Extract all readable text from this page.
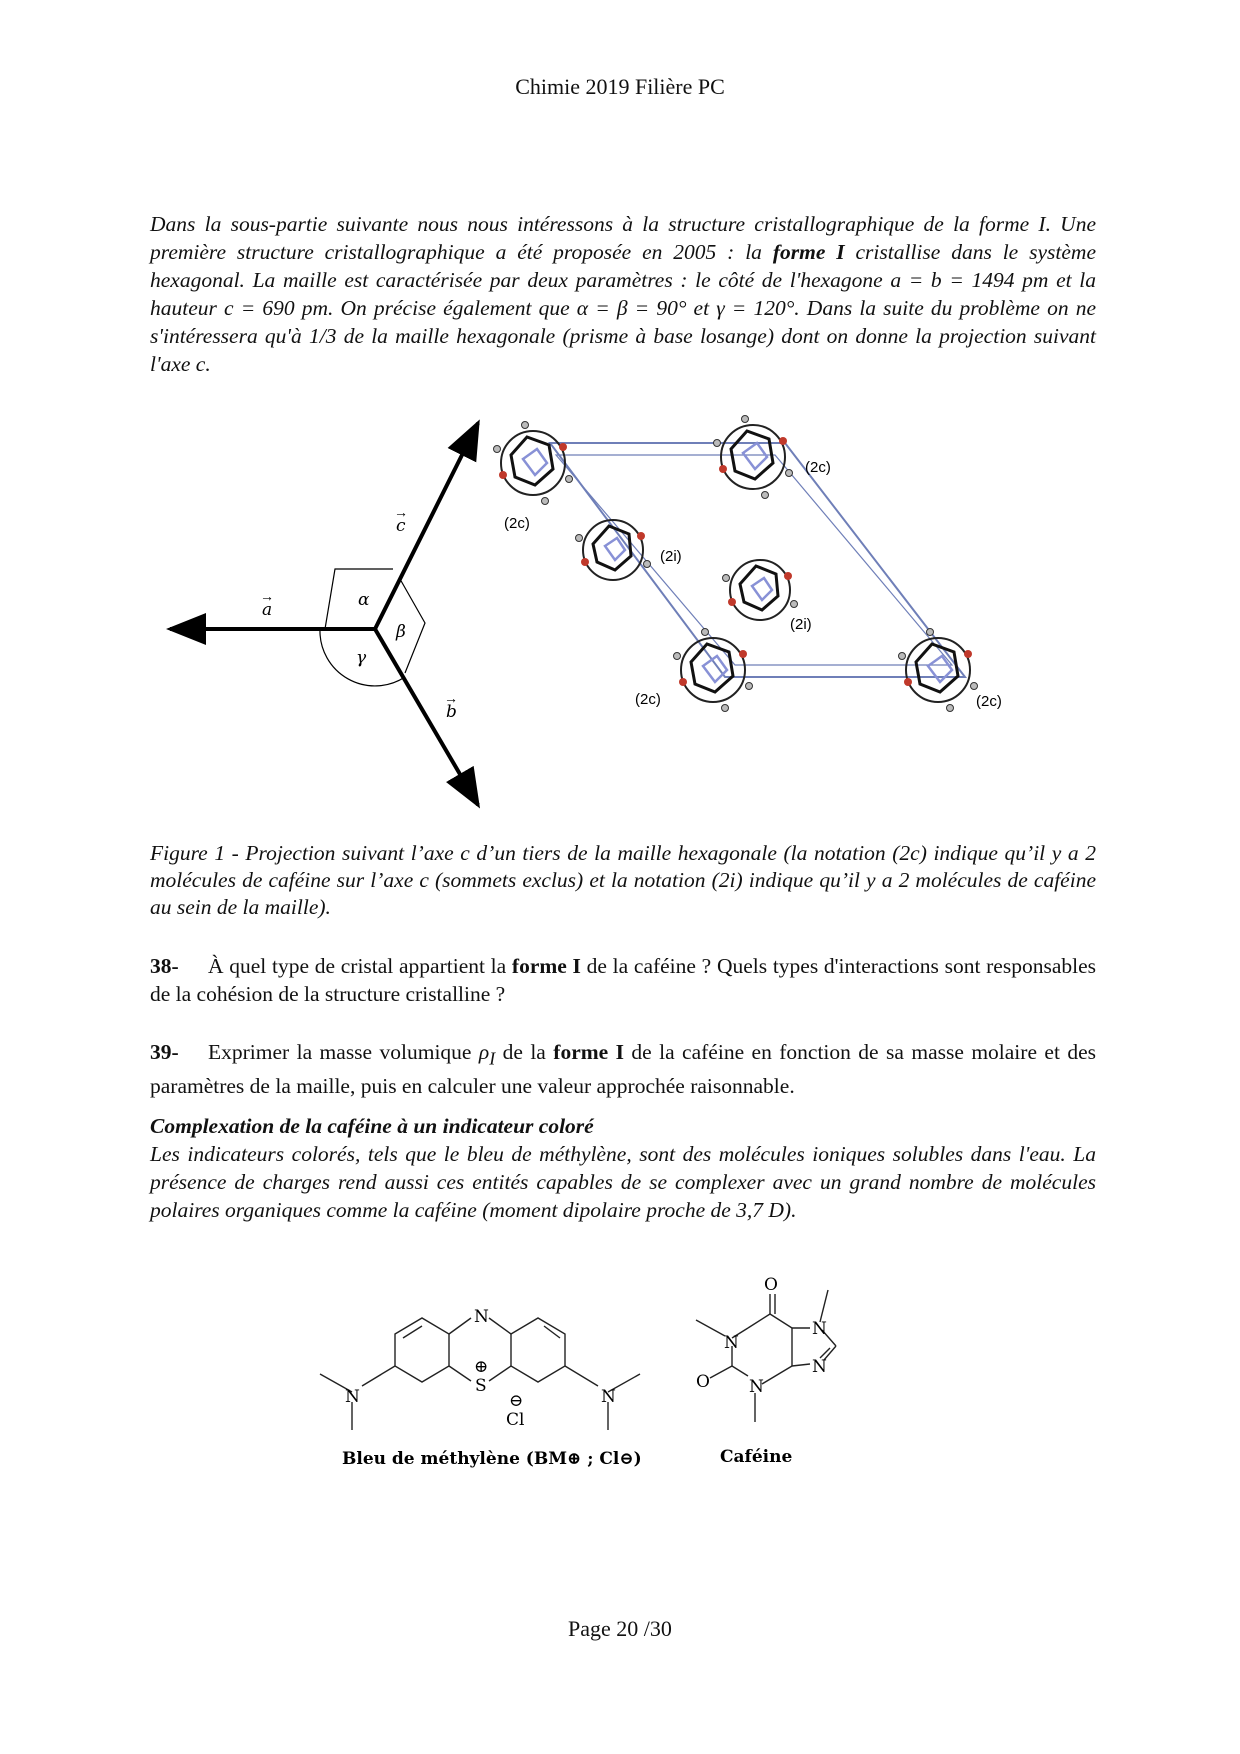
Chimie 2019 Filière PC
Dans la sous-partie suivante nous nous intéressons à la structure cristallographique de la forme I. Une première structure cristallographique a été proposée en 2005 : la forme I cristallise dans le système hexagonal. La maille est caractérisée par deux paramètres : le côté de l'hexagone a = b = 1494 pm et la hauteur c = 690 pm. On précise également que α = β = 90° et γ = 120°. Dans la suite du problème on ne s'intéressera qu'à 1/3 de la maille hexagonale (prisme à base losange) dont on donne la projection suivant l'axe c.
a
→
c
→
b
→
α
β
γ
(2c)
(2c)
(2i)
(2i)
(2c)	(2c)
Figure 1 - Projection suivant l’axe c d’un tiers de la maille hexagonale (la notation (2c) indique qu’il y a 2 molécules de caféine sur l’axe c (sommets exclus) et la notation (2i) indique qu’il y a 2 molécules de caféine au sein de la maille).
38- À quel type de cristal appartient la forme I de la caféine ? Quels types d'interactions sont responsables de la cohésion de la structure cristalline ?
39- Exprimer la masse volumique $\rho_I$ de la forme I de la caféine en fonction de sa masse molaire et des paramètres de la maille, puis en calculer une valeur approchée raisonnable.
Complexation de la caféine à un indicateur coloré
Les indicateurs colorés, tels que le bleu de méthylène, sont des molécules ioniques solubles dans l'eau. La présence de charges rend aussi ces entités capables de se complexer avec un grand nombre de molécules polaires organiques comme la caféine (moment dipolaire proche de 3,7 D).
N
S
⊕
N	N
⊖
Cl
Bleu de méthylène (BM⊕ ; Cl⊖)
O
N
N
O N
N
Caféine
Page 20 /30
